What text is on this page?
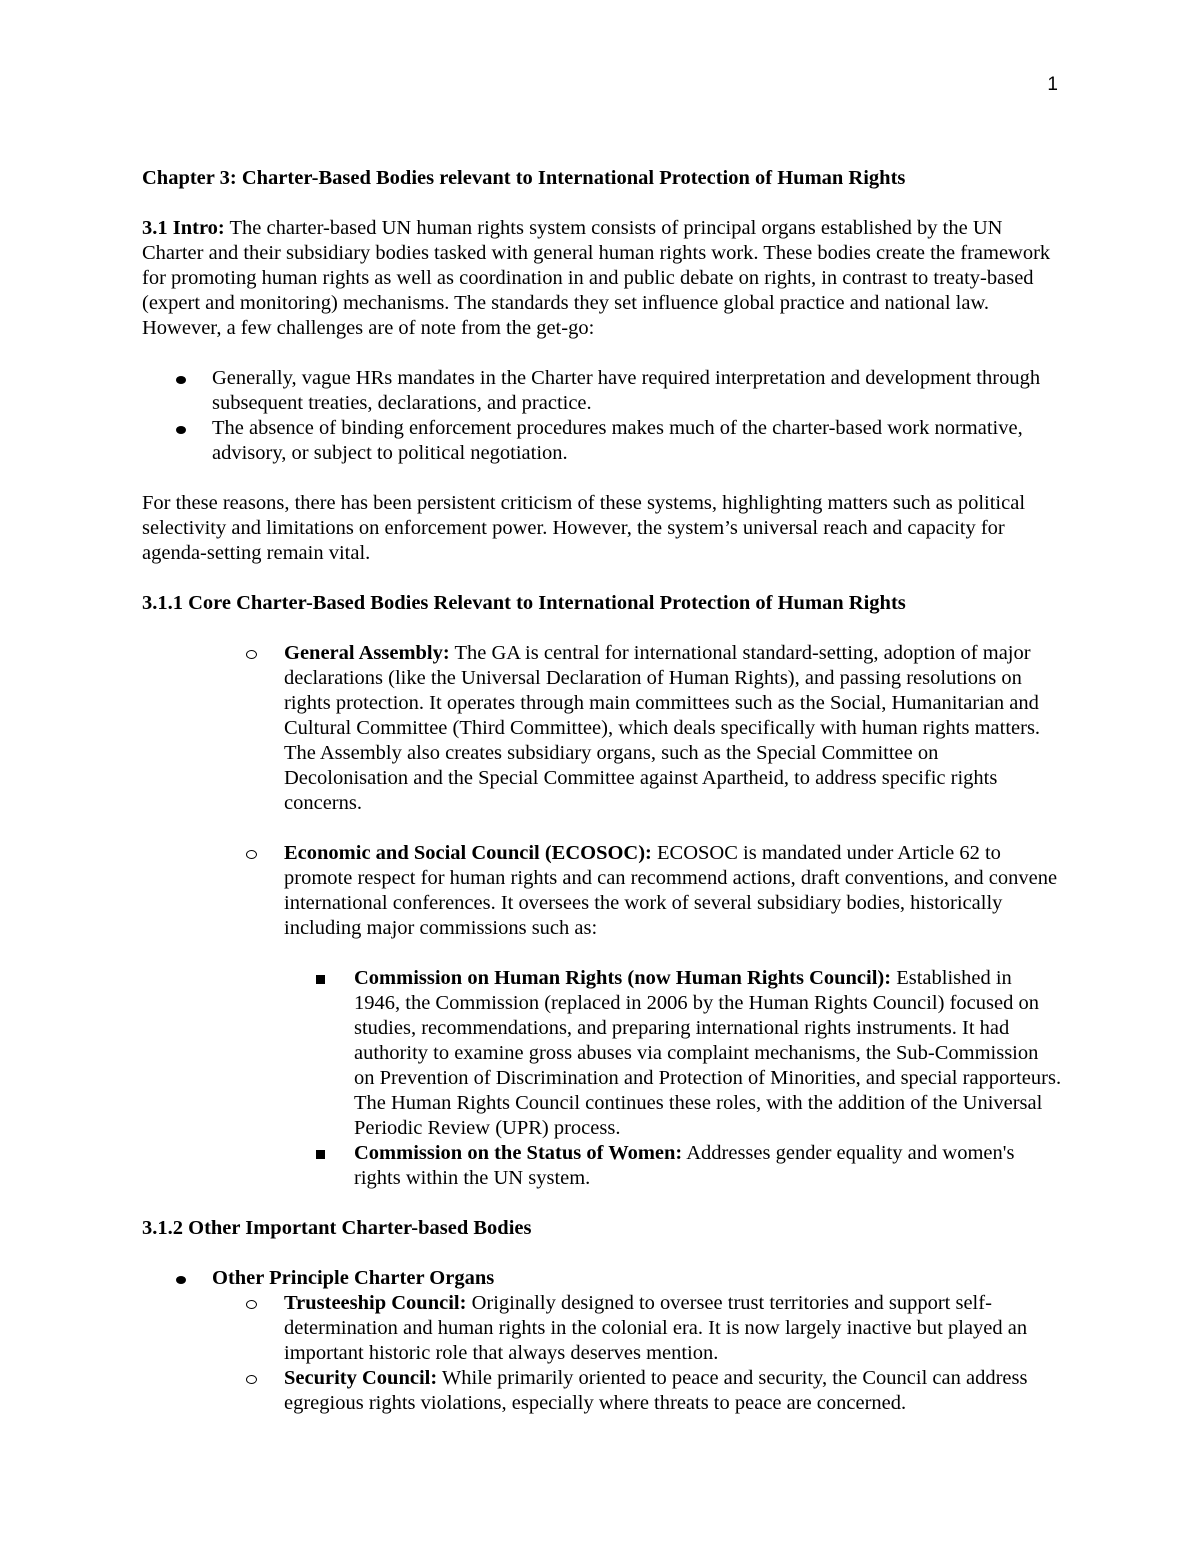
1

Chapter 3: Charter-Based Bodies relevant to International Protection of Human Rights

3.1 Intro: The charter-based UN human rights system consists of principal organs established by the UN Charter and their subsidiary bodies tasked with general human rights work. These bodies create the framework for promoting human rights as well as coordination in and public debate on rights, in contrast to treaty-based (expert and monitoring) mechanisms. The standards they set influence global practice and national law. However, a few challenges are of note from the get-go:

Generally, vague HRs mandates in the Charter have required interpretation and development through subsequent treaties, declarations, and practice.
The absence of binding enforcement procedures makes much of the charter-based work normative, advisory, or subject to political negotiation.

For these reasons, there has been persistent criticism of these systems, highlighting matters such as political selectivity and limitations on enforcement power. However, the system’s universal reach and capacity for agenda-setting remain vital.

3.1.1 Core Charter-Based Bodies Relevant to International Protection of Human Rights

General Assembly: The GA is central for international standard-setting, adoption of major declarations (like the Universal Declaration of Human Rights), and passing resolutions on rights protection. It operates through main committees such as the Social, Humanitarian and Cultural Committee (Third Committee), which deals specifically with human rights matters. The Assembly also creates subsidiary organs, such as the Special Committee on Decolonisation and the Special Committee against Apartheid, to address specific rights concerns.
Economic and Social Council (ECOSOC): ECOSOC is mandated under Article 62 to promote respect for human rights and can recommend actions, draft conventions, and convene international conferences. It oversees the work of several subsidiary bodies, historically including major commissions such as:
Commission on Human Rights (now Human Rights Council): Established in 1946, the Commission (replaced in 2006 by the Human Rights Council) focused on studies, recommendations, and preparing international rights instruments. It had authority to examine gross abuses via complaint mechanisms, the Sub-Commission on Prevention of Discrimination and Protection of Minorities, and special rapporteurs. The Human Rights Council continues these roles, with the addition of the Universal Periodic Review (UPR) process.
Commission on the Status of Women: Addresses gender equality and women's rights within the UN system.

3.1.2 Other Important Charter-based Bodies

Other Principle Charter Organs
Trusteeship Council: Originally designed to oversee trust territories and support self-determination and human rights in the colonial era. It is now largely inactive but played an important historic role that always deserves mention.
Security Council: While primarily oriented to peace and security, the Council can address egregious rights violations, especially where threats to peace are concerned.
